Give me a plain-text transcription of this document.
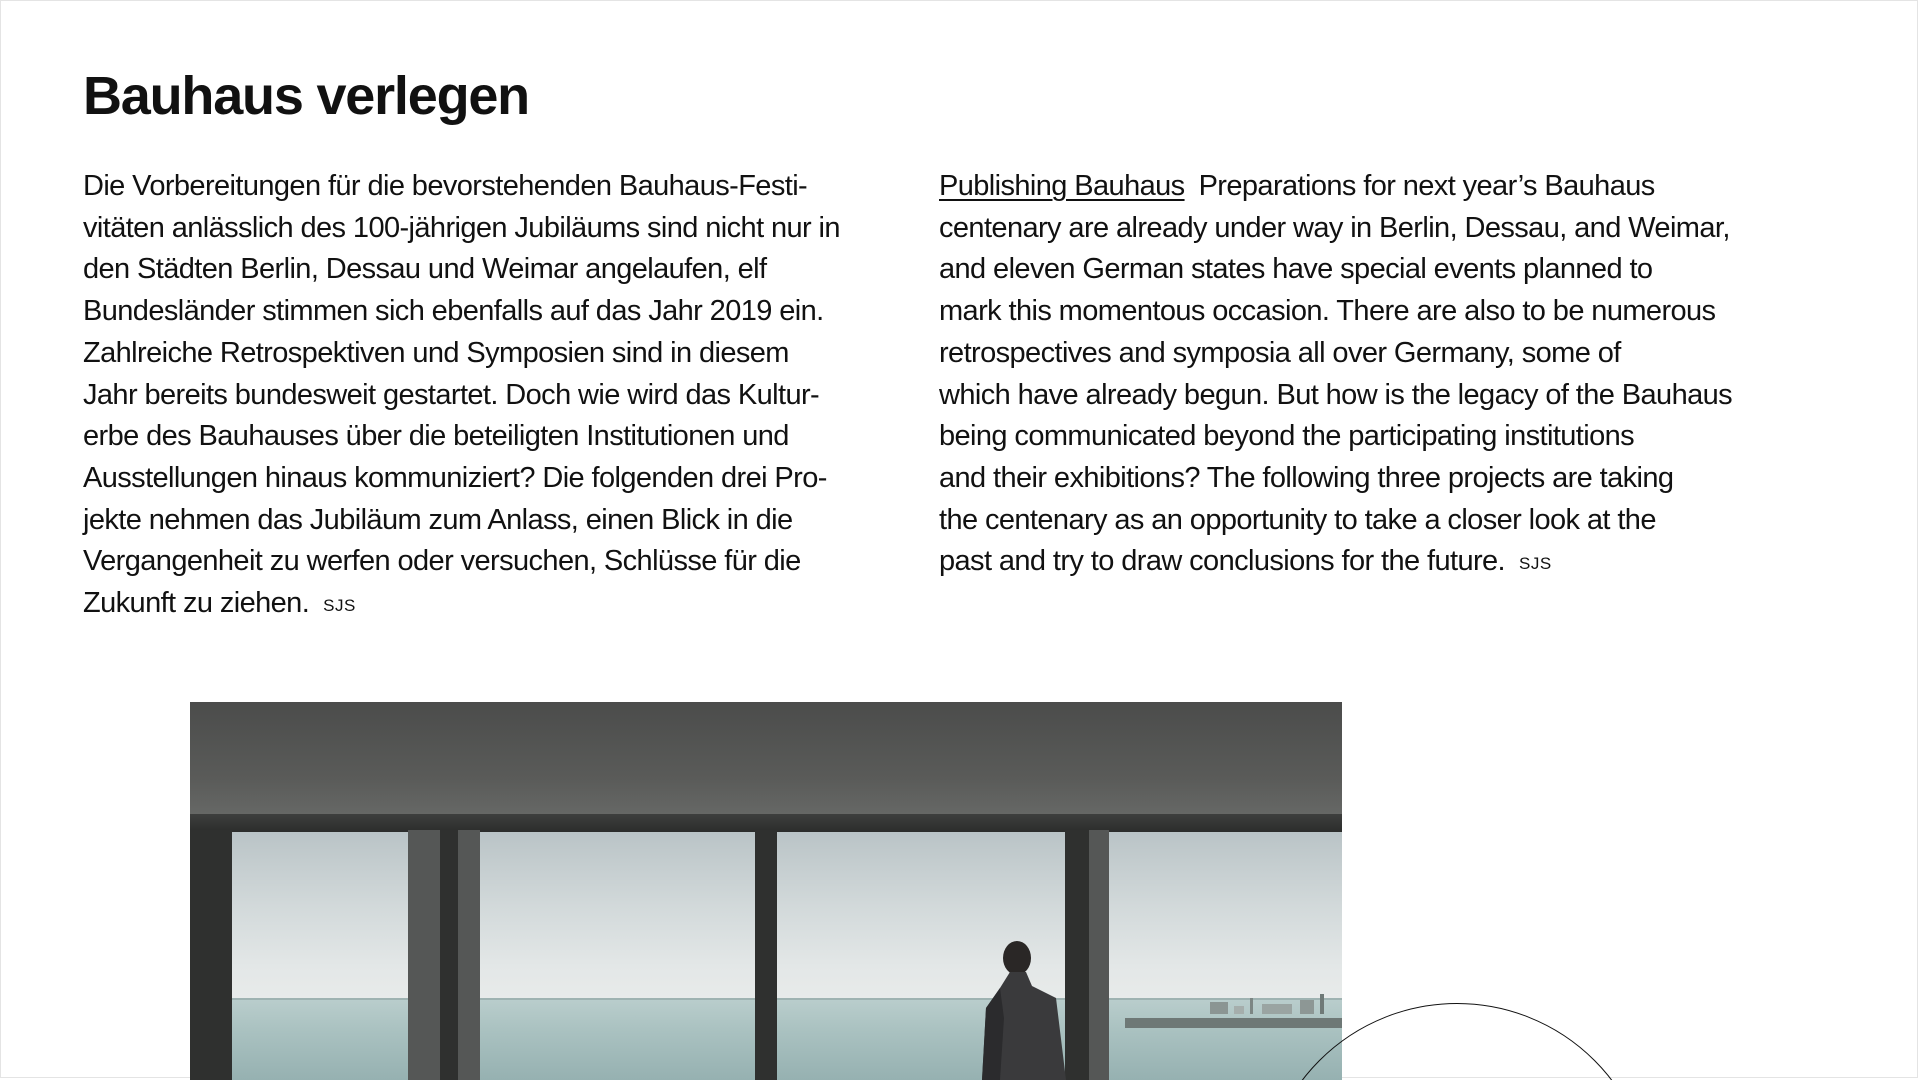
Bauhaus verlegen
Die Vorbereitungen für die bevorstehenden Bauhaus-Festi-
vitäten anlässlich des 100-jährigen Jubiläums sind nicht nur in
den Städten Berlin, Dessau und Weimar angelaufen, elf
Bundesländer stimmen sich ebenfalls auf das Jahr 2019 ein.
Zahlreiche Retrospektiven und Symposien sind in diesem
Jahr bereits bundesweit gestartet. Doch wie wird das Kultur-
erbe des Bauhauses über die beteiligten Institutionen und
Ausstellungen hinaus kommuniziert? Die folgenden drei Pro-
jekte nehmen das Jubiläum zum Anlass, einen Blick in die
Vergangenheit zu werfen oder versuchen, Schlüsse für die
Zukunft zu ziehen. SJS
Publishing Bauhaus Preparations for next year’s Bauhaus
centenary are already under way in Berlin, Dessau, and Weimar,
and eleven German states have special events planned to
mark this momentous occasion. There are also to be numerous
retrospectives and symposia all over Germany, some of
which have already begun. But how is the legacy of the Bauhaus
being communicated beyond the participating institutions
and their exhibitions? The following three projects are taking
the centenary as an opportunity to take a closer look at the
past and try to draw conclusions for the future. SJS
